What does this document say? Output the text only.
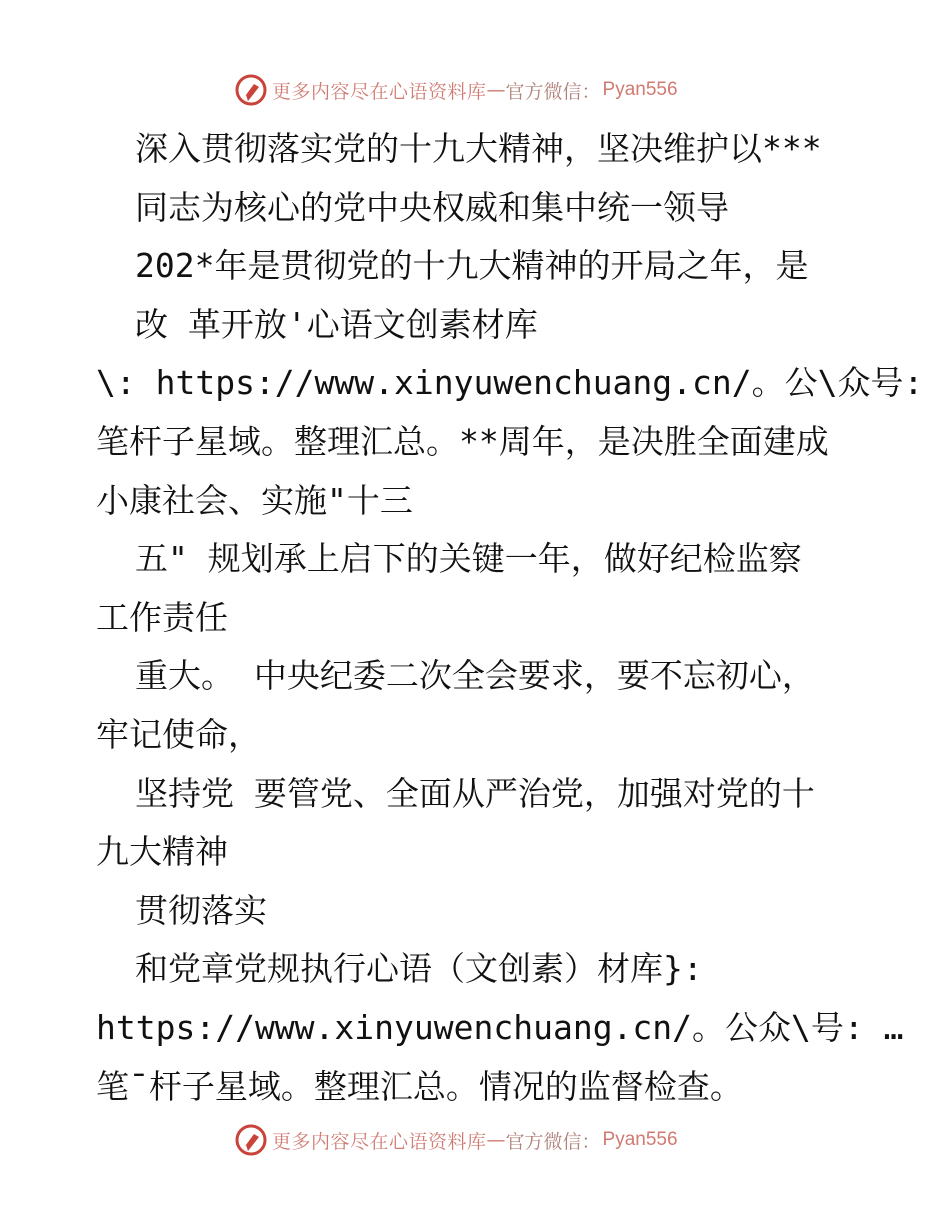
更多内容尽在心语资料库 — 官方微信： Pyan556
深入贯彻落实党的十九大精神，坚决维护以***
同志为核心的党中央权威和集中统一领导
202*年是贯彻党的十九大精神的开局之年，是
改 革开放'心语文创素材库
\: https://www.xinyuwenchuang.cn/。公\众号:
笔杆子星域。整理汇总。**周年，是决胜全面建成
小康社会、实施"十三
五" 规划承上启下的关键一年，做好纪检监察
工作责任
重大。 中央纪委二次全会要求，要不忘初心，
牢记使命，
坚持党 要管党、全面从严治党，加强对党的十
九大精神
贯彻落实
和党章党规执行心语（文创素）材库}:
https://www.xinyuwenchuang.cn/。公众\号: …
笔¯杆子星域。整理汇总。情况的监督检查。
更多内容尽在心语资料库 — 官方微信： Pyan556
